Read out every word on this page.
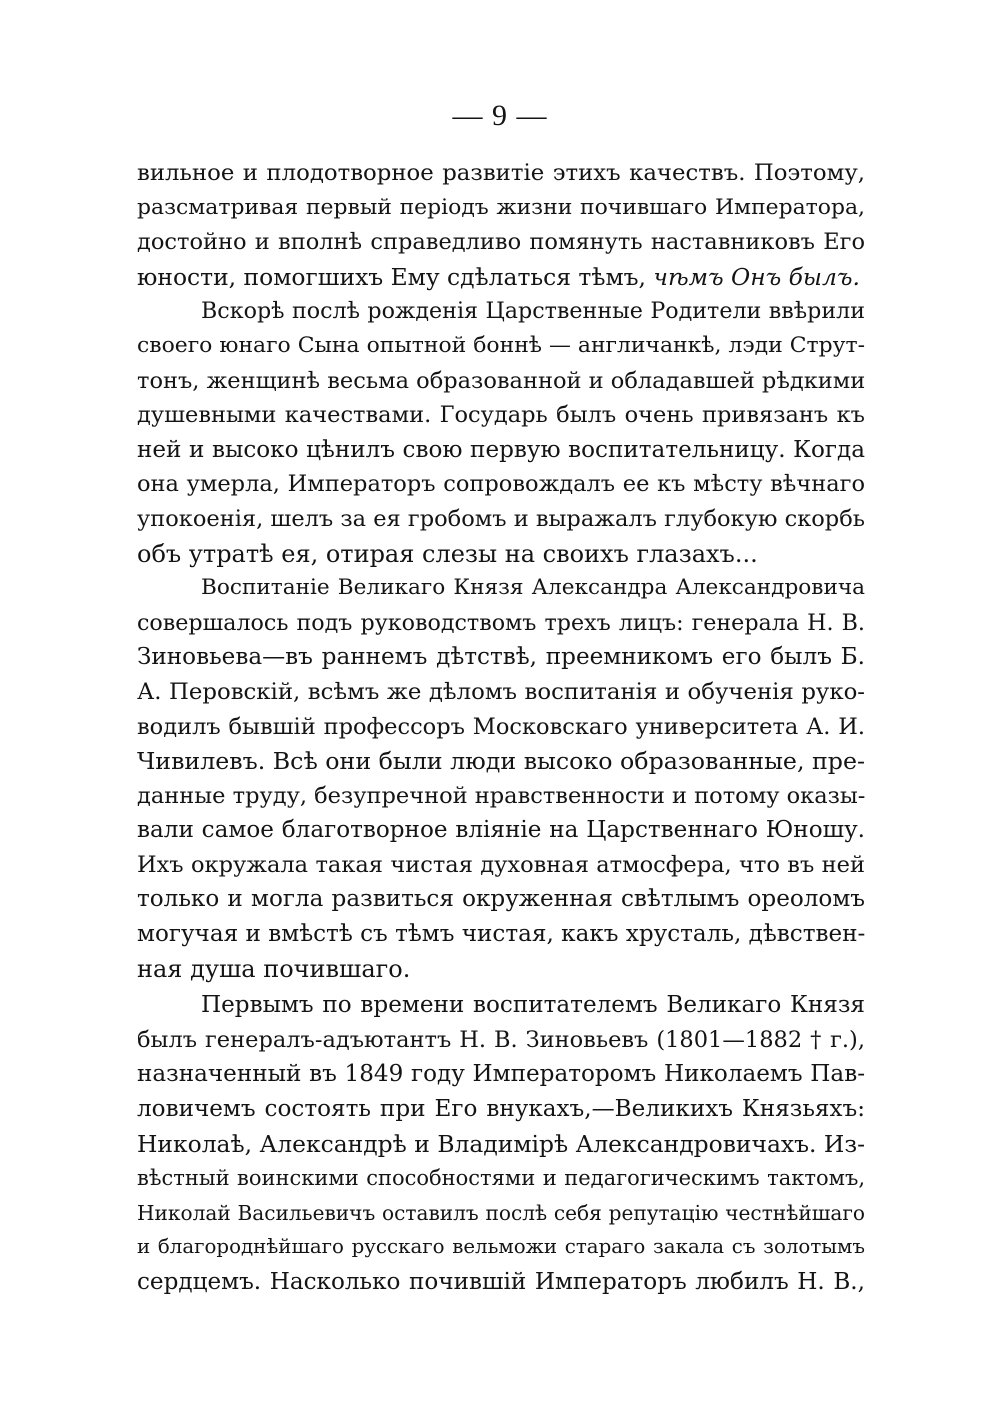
— 9 —
вильное и плодотворное развитіе этихъ качествъ. Поэтому,
разсматривая первый періодъ жизни почившаго Императора,
достойно и вполнѣ справедливо помянуть наставниковъ Его
юности, помогшихъ Ему сдѣлаться тѣмъ, чѣмъ Онъ былъ.
Вскорѣ послѣ рожденія Царственные Родители ввѣрили
своего юнаго Сына опытной боннѣ — англичанкѣ, лэди Струт-
тонъ, женщинѣ весьма образованной и обладавшей рѣдкими
душевными качествами. Государь былъ очень привязанъ къ
ней и высоко цѣнилъ свою первую воспитательницу. Когда
она умерла, Императоръ сопровождалъ ее къ мѣсту вѣчнаго
упокоенія, шелъ за ея гробомъ и выражалъ глубокую скорбь
объ утратѣ ея, отирая слезы на своихъ глазахъ...
Воспитаніе Великаго Князя Александра Александровича
совершалось подъ руководствомъ трехъ лицъ: генерала Н. В.
Зиновьева—въ раннемъ дѣтствѣ, преемникомъ его былъ Б.
А. Перовскій, всѣмъ же дѣломъ воспитанія и обученія руко-
водилъ бывшій профессоръ Московскаго университета А. И.
Чивилевъ. Всѣ они были люди высоко образованные, пре-
данные труду, безупречной нравственности и потому оказы-
вали самое благотворное вліяніе на Царственнаго Юношу.
Ихъ окружала такая чистая духовная атмосфера, что въ ней
только и могла развиться окруженная свѣтлымъ ореоломъ
могучая и вмѣстѣ съ тѣмъ чистая, какъ хрусталь, дѣвствен-
ная душа почившаго.
Первымъ по времени воспитателемъ Великаго Князя
былъ генералъ-адъютантъ Н. В. Зиновьевъ (1801—1882 † г.),
назначенный въ 1849 году Императоромъ Николаемъ Пав-
ловичемъ состоять при Его внукахъ,—Великихъ Князьяхъ:
Николаѣ, Александрѣ и Владимірѣ Александровичахъ. Из-
вѣстный воинскими способностями и педагогическимъ тактомъ,
Николай Васильевичъ оставилъ послѣ себя репутацію честнѣйшаго
и благороднѣйшаго русскаго вельможи стараго закала съ золотымъ
сердцемъ. Насколько почившій Императоръ любилъ Н. В.,
